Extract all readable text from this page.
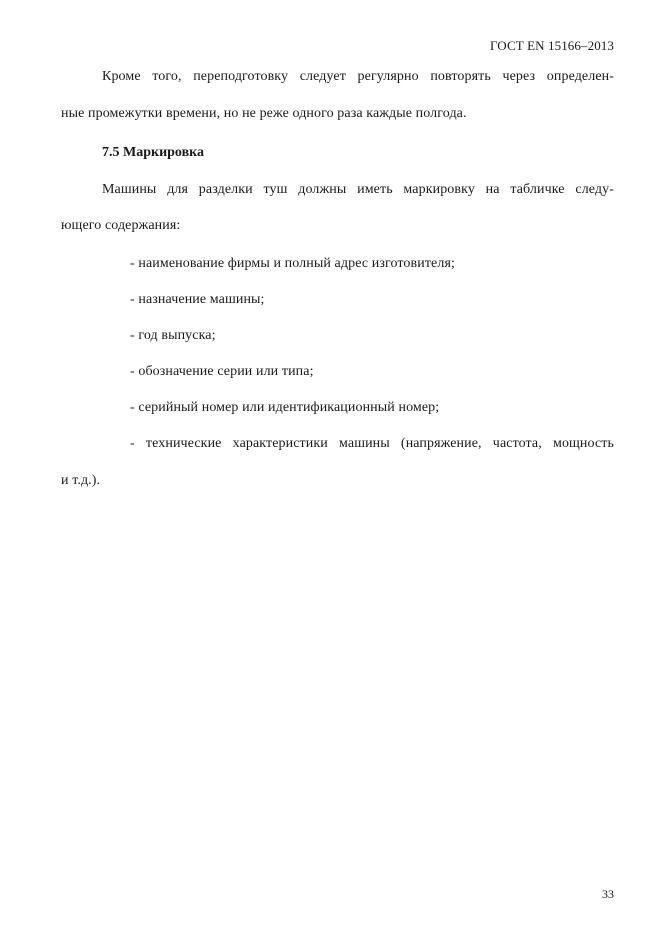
ГОСТ EN 15166–2013
Кроме того, переподготовку следует регулярно повторять через определен-
ные промежутки времени, но не реже одного раза каждые полгода.
7.5 Маркировка
Машины для разделки туш должны иметь маркировку на табличке следу-
ющего содержания:
- наименование фирмы и полный адрес изготовителя;
- назначение машины;
- год выпуска;
- обозначение серии или типа;
- серийный номер или идентификационный номер;
- технические характеристики машины (напряжение, частота, мощность
и т.д.).
33
